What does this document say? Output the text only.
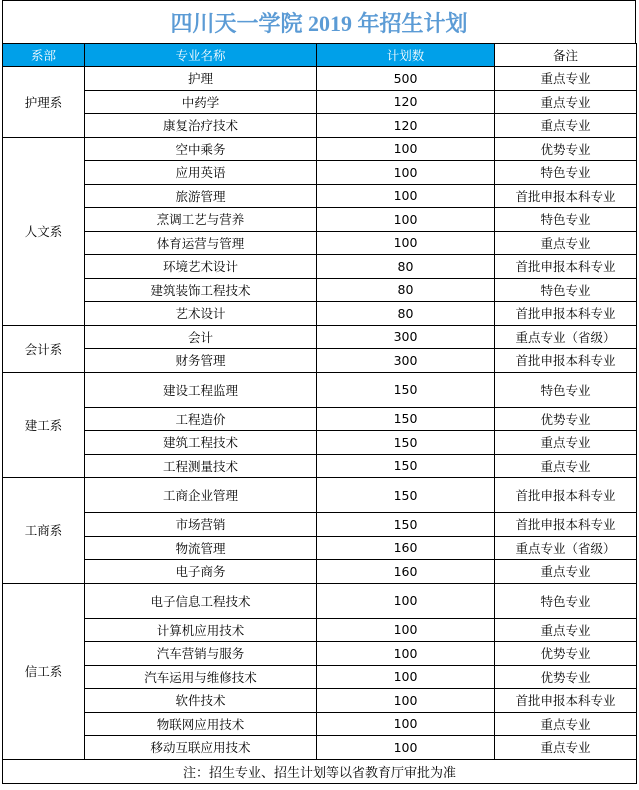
四川天一学院 2019 年招生计划
系部	专业名称	计划数	备注
护理系	护理	500	重点专业
	中药学	120	重点专业
	康复治疗技术	120	重点专业
人文系	空中乘务	100	优势专业
	应用英语	100	特色专业
	旅游管理	100	首批申报本科专业
	烹调工艺与营养	100	特色专业
	体育运营与管理	100	重点专业
	环境艺术设计	80	首批申报本科专业
	建筑装饰工程技术	80	特色专业
	艺术设计	80	首批申报本科专业
会计系	会计	300	重点专业（省级）
	财务管理	300	首批申报本科专业
建工系	建设工程监理	150	特色专业
	工程造价	150	优势专业
	建筑工程技术	150	重点专业
	工程测量技术	150	重点专业
工商系	工商企业管理	150	首批申报本科专业
	市场营销	150	首批申报本科专业
	物流管理	160	重点专业（省级）
	电子商务	160	重点专业
信工系	电子信息工程技术	100	特色专业
	计算机应用技术	100	重点专业
	汽车营销与服务	100	优势专业
	汽车运用与维修技术	100	优势专业
	软件技术	100	首批申报本科专业
	物联网应用技术	100	重点专业
	移动互联应用技术	100	重点专业
注：招生专业、招生计划等以省教育厅审批为准			
